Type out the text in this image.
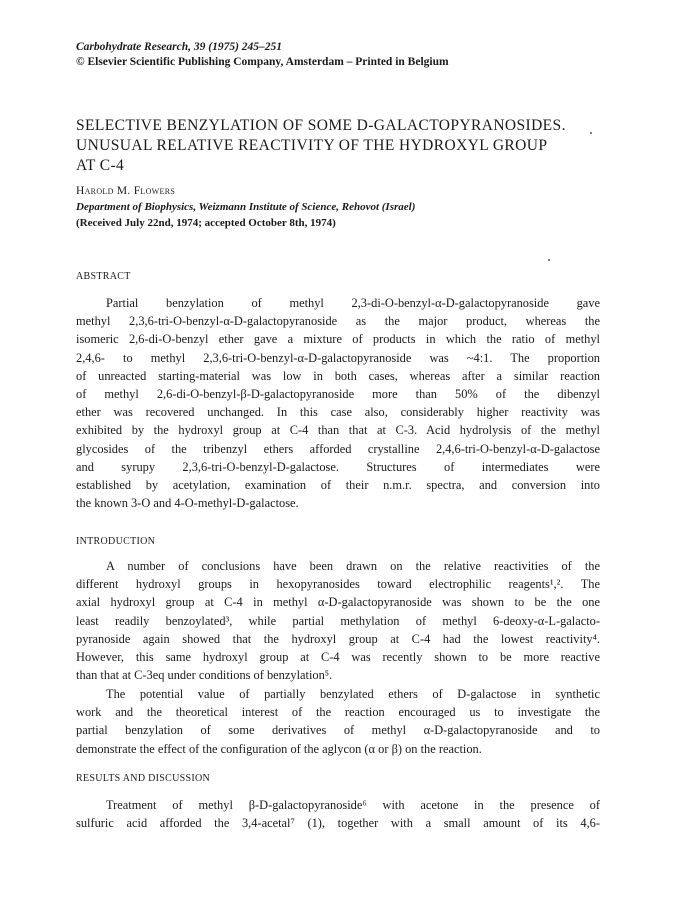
Carbohydrate Research, 39 (1975) 245–251
© Elsevier Scientific Publishing Company, Amsterdam – Printed in Belgium
SELECTIVE BENZYLATION OF SOME D-GALACTOPYRANOSIDES.
UNUSUAL RELATIVE REACTIVITY OF THE HYDROXYL GROUP
AT C-4
Harold M. Flowers
Department of Biophysics, Weizmann Institute of Science, Rehovot (Israel)
(Received July 22nd, 1974; accepted October 8th, 1974)
ABSTRACT

Partial benzylation of methyl 2,3-di-O-benzyl-α-D-galactopyranoside gave
methyl 2,3,6-tri-O-benzyl-α-D-galactopyranoside as the major product, whereas the
isomeric 2,6-di-O-benzyl ether gave a mixture of products in which the ratio of methyl
2,4,6- to methyl 2,3,6-tri-O-benzyl-α-D-galactopyranoside was ~4:1. The proportion
of unreacted starting-material was low in both cases, whereas after a similar reaction
of methyl 2,6-di-O-benzyl-β-D-galactopyranoside more than 50% of the dibenzyl
ether was recovered unchanged. In this case also, considerably higher reactivity was
exhibited by the hydroxyl group at C-4 than that at C-3. Acid hydrolysis of the methyl
glycosides of the tribenzyl ethers afforded crystalline 2,4,6-tri-O-benzyl-α-D-galactose
and syrupy 2,3,6-tri-O-benzyl-D-galactose. Structures of intermediates were
established by acetylation, examination of their n.m.r. spectra, and conversion into
the known 3-O and 4-O-methyl-D-galactose.

INTRODUCTION

A number of conclusions have been drawn on the relative reactivities of the
different hydroxyl groups in hexopyranosides toward electrophilic reagents¹,². The
axial hydroxyl group at C-4 in methyl α-D-galactopyranoside was shown to be the one
least readily benzoylated³, while partial methylation of methyl 6-deoxy-α-L-galacto-
pyranoside again showed that the hydroxyl group at C-4 had the lowest reactivity⁴.
However, this same hydroxyl group at C-4 was recently shown to be more reactive
than that at C-3eq under conditions of benzylation⁵.

The potential value of partially benzylated ethers of D-galactose in synthetic
work and the theoretical interest of the reaction encouraged us to investigate the
partial benzylation of some derivatives of methyl α-D-galactopyranoside and to
demonstrate the effect of the configuration of the aglycon (α or β) on the reaction.

RESULTS AND DISCUSSION

Treatment of methyl β-D-galactopyranoside⁶ with acetone in the presence of
sulfuric acid afforded the 3,4-acetal⁷ (1), together with a small amount of its 4,6-
